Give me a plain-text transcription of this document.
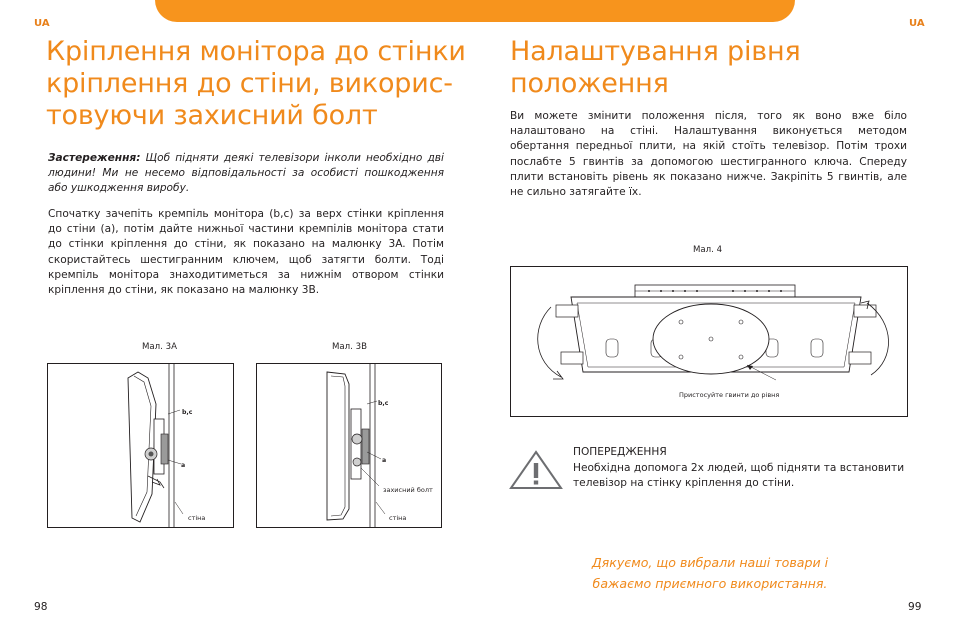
UA	UA
Кріплення монітора до стінки
кріплення до стіни, викорис-
товуючи захисний болт

Застереження: Щоб підняти деякі телевізори інколи необхідно дві людини! Ми не несемо відповідальності за особисті пошкодження або ушкодження виробу.

Спочатку зачепіть кремпіль монітора (b,c) за верх стінки кріплення до стіни (a), потім дайте нижньої частини кремпілів монітора стати до стінки кріплення до стіни, як показано на малюнку 3A. Потім скористайтесь шестигранним ключем, щоб затягти болти. Тоді кремпіль монітора знаходитиметься за нижнім отвором стінки кріплення до стіни, як показано на малюнку 3B.

Мал. 3A	Мал. 3B
b,c
a
стіна
b,c
a
захисний болт
стіна
98
Налаштування рівня
положення

Ви можете змінити положення після, того як воно вже біло налаштовано на стіні. Налаштування виконується методом обертання передньої плити, на якій стоїть телевізор. Потім трохи послабте 5 гвинтів за допомогою шестигранного ключа. Спереду плити встановіть рівень як показано нижче. Закріпіть 5 гвинтів, але не сильно затягайте їх.

Мал. 4
Пристосуйте гвинти до рівня
ПОПЕРЕДЖЕННЯ

Необхідна допомога 2х людей, щоб підняти та встановити телевізор на стінку кріплення до стіни.

Дякуємо, що вибрали наші товари і
бажаємо приємного використання.

99
